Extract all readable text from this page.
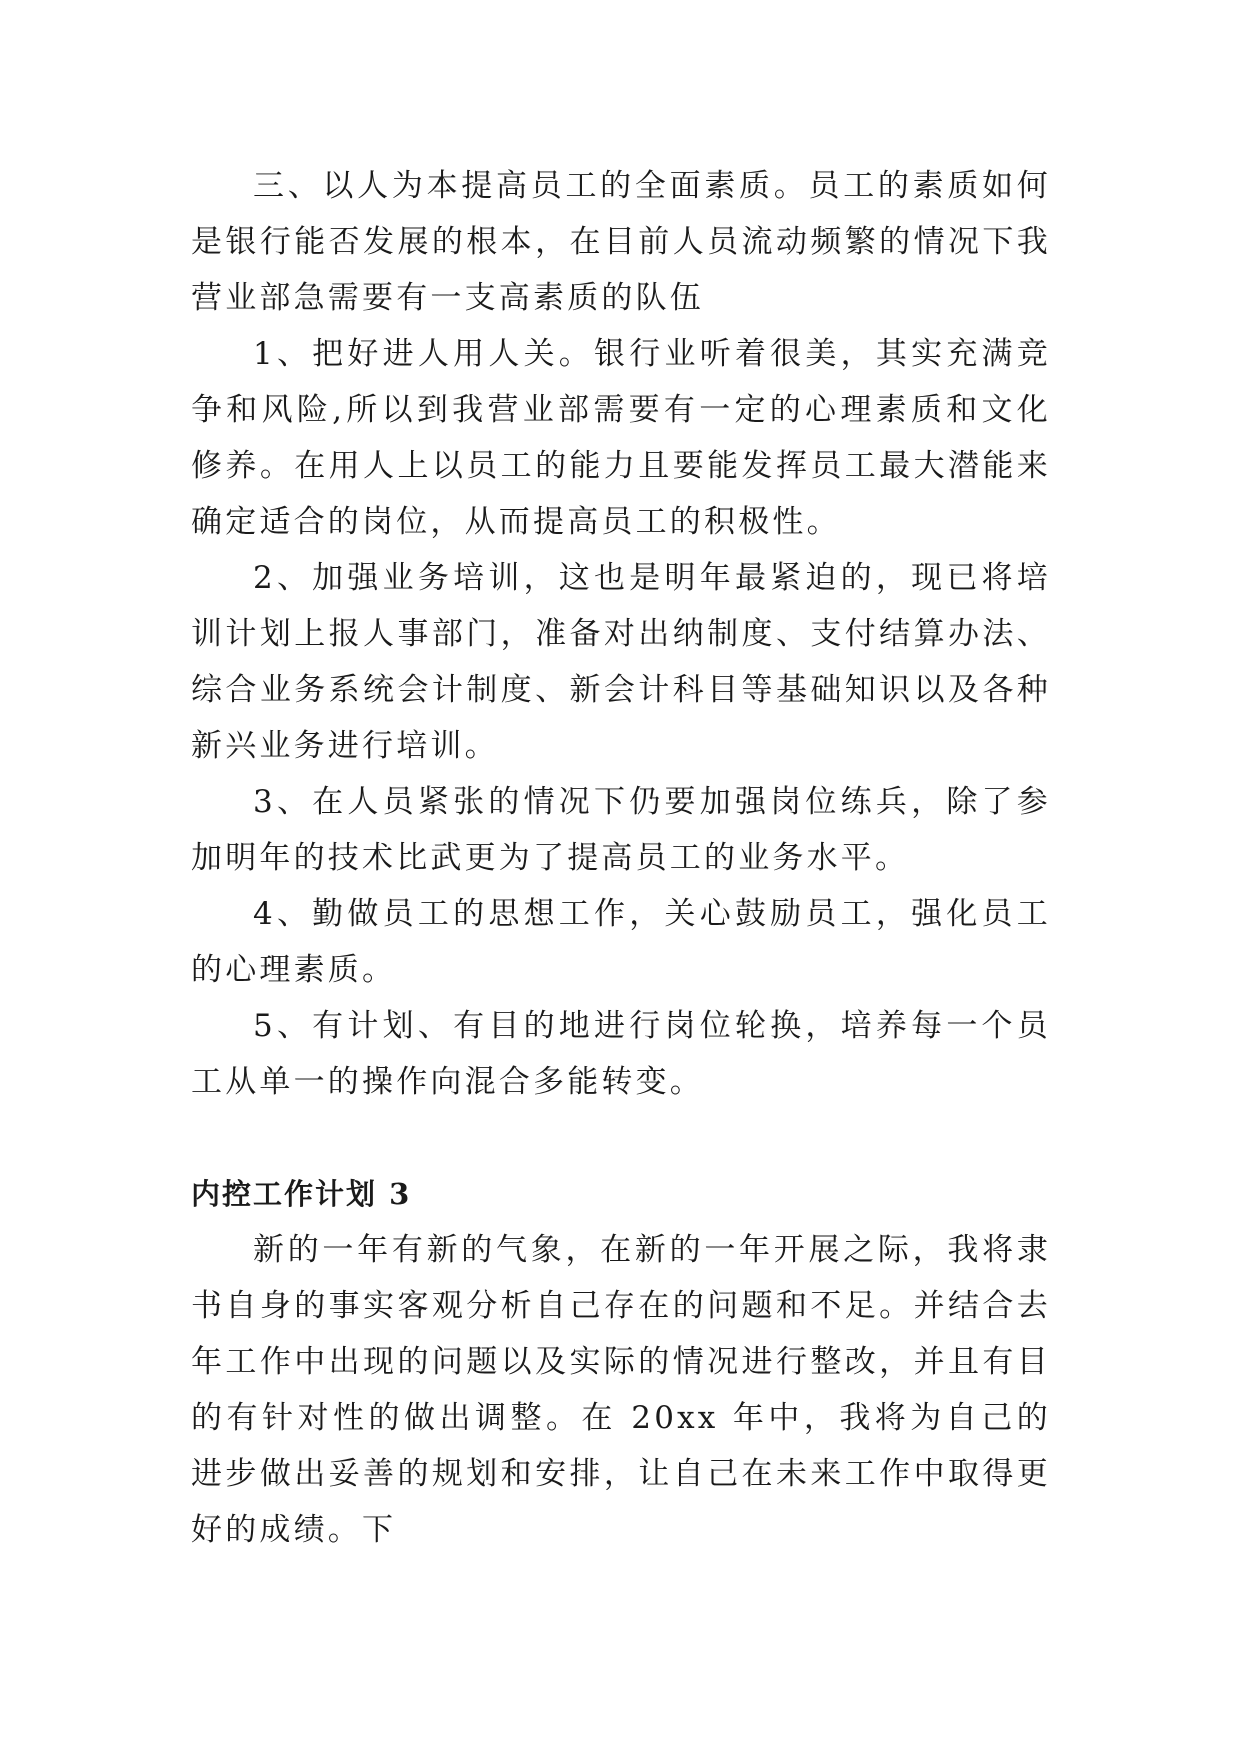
三、以人为本提高员工的全面素质。员工的素质如何是银行能否发展的根本，在目前人员流动频繁的情况下我营业部急需要有一支高素质的队伍

1、把好进人用人关。银行业听着很美，其实充满竞争和风险,所以到我营业部需要有一定的心理素质和文化修养。在用人上以员工的能力且要能发挥员工最大潜能来确定适合的岗位，从而提高员工的积极性。

2、加强业务培训，这也是明年最紧迫的，现已将培训计划上报人事部门，准备对出纳制度、支付结算办法、综合业务系统会计制度、新会计科目等基础知识以及各种新兴业务进行培训。

3、在人员紧张的情况下仍要加强岗位练兵，除了参加明年的技术比武更为了提高员工的业务水平。

4、勤做员工的思想工作，关心鼓励员工，强化员工的心理素质。

5、有计划、有目的地进行岗位轮换，培养每一个员工从单一的操作向混合多能转变。

内控工作计划 3

新的一年有新的气象，在新的一年开展之际，我将隶书自身的事实客观分析自己存在的问题和不足。并结合去年工作中出现的问题以及实际的情况进行整改，并且有目的有针对性的做出调整。在 20xx 年中，我将为自己的进步做出妥善的规划和安排，让自己在未来工作中取得更好的成绩。下
